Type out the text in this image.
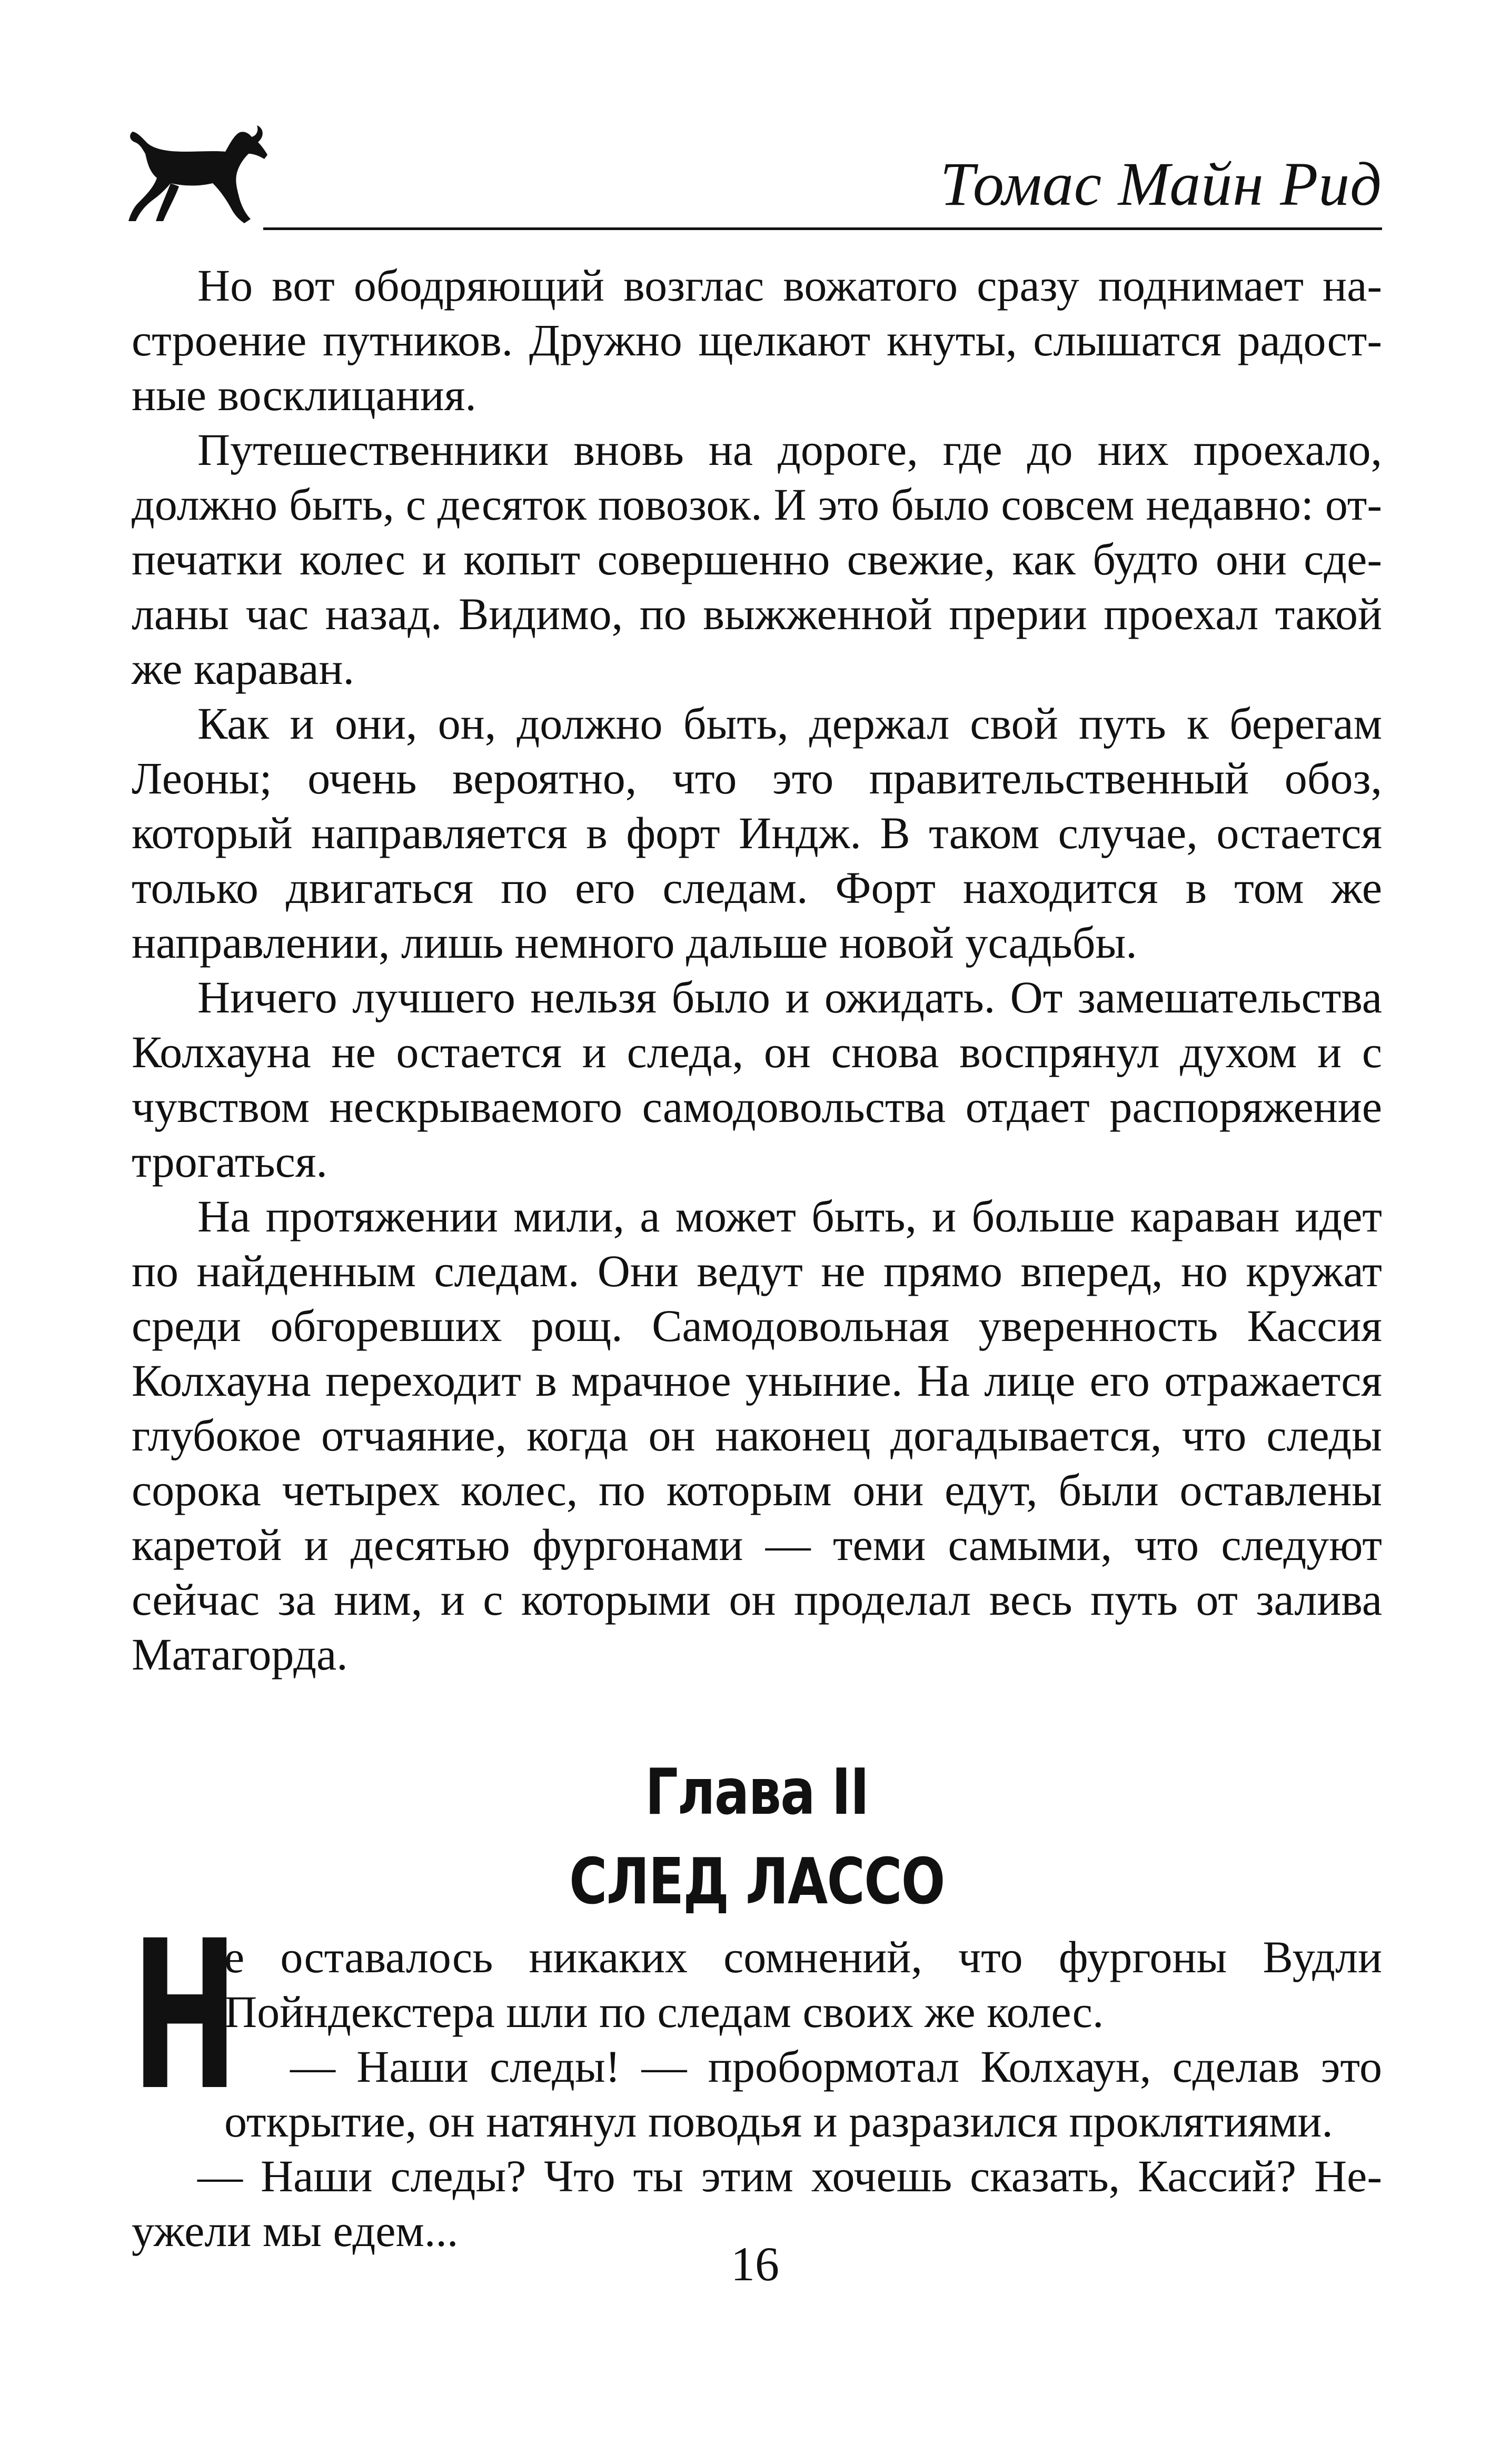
Томас Майн Рид

Но вот ободряющий возглас вожатого сразу поднимает настроение путников. Дружно щелкают кнуты, слышатся радостные восклицания.

Путешественники вновь на дороге, где до них проехало, должно быть, с десяток повозок. И это было совсем недавно: отпечатки колес и копыт совершенно свежие, как будто они сделаны час назад. Видимо, по выжженной прерии проехал такой же караван.

Как и они, он, должно быть, держал свой путь к берегам Леоны; очень вероятно, что это правительственный обоз, который направляется в форт Индж. В таком случае, остается только двигаться по его следам. Форт находится в том же направлении, лишь немного дальше новой усадьбы.

Ничего лучшего нельзя было и ожидать. От замешательства Колхауна не остается и следа, он снова воспрянул духом и с чувством нескрываемого самодовольства отдает распоряжение трогаться.

На протяжении мили, а может быть, и больше караван идет по найденным следам. Они ведут не прямо вперед, но кружат среди обгоревших рощ. Самодовольная уверенность Кассия Колхауна переходит в мрачное уныние. На лице его отражается глубокое отчаяние, когда он наконец догадывается, что следы сорока четырех колес, по которым они едут, были оставлены каретой и десятью фургонами — теми самыми, что следуют сейчас за ним, и с которыми он проделал весь путь от залива Матагорда.

Глава II
СЛЕД ЛАССО

Н
е оставалось никаких сомнений, что фургоны Вудли Пойндекстера шли по следам своих же колес.

— Наши следы! — пробормотал Колхаун, сделав это открытие, он натянул поводья и разразился проклятиями.

— Наши следы? Что ты этим хочешь сказать, Кассий? Неужели мы едем...

16
